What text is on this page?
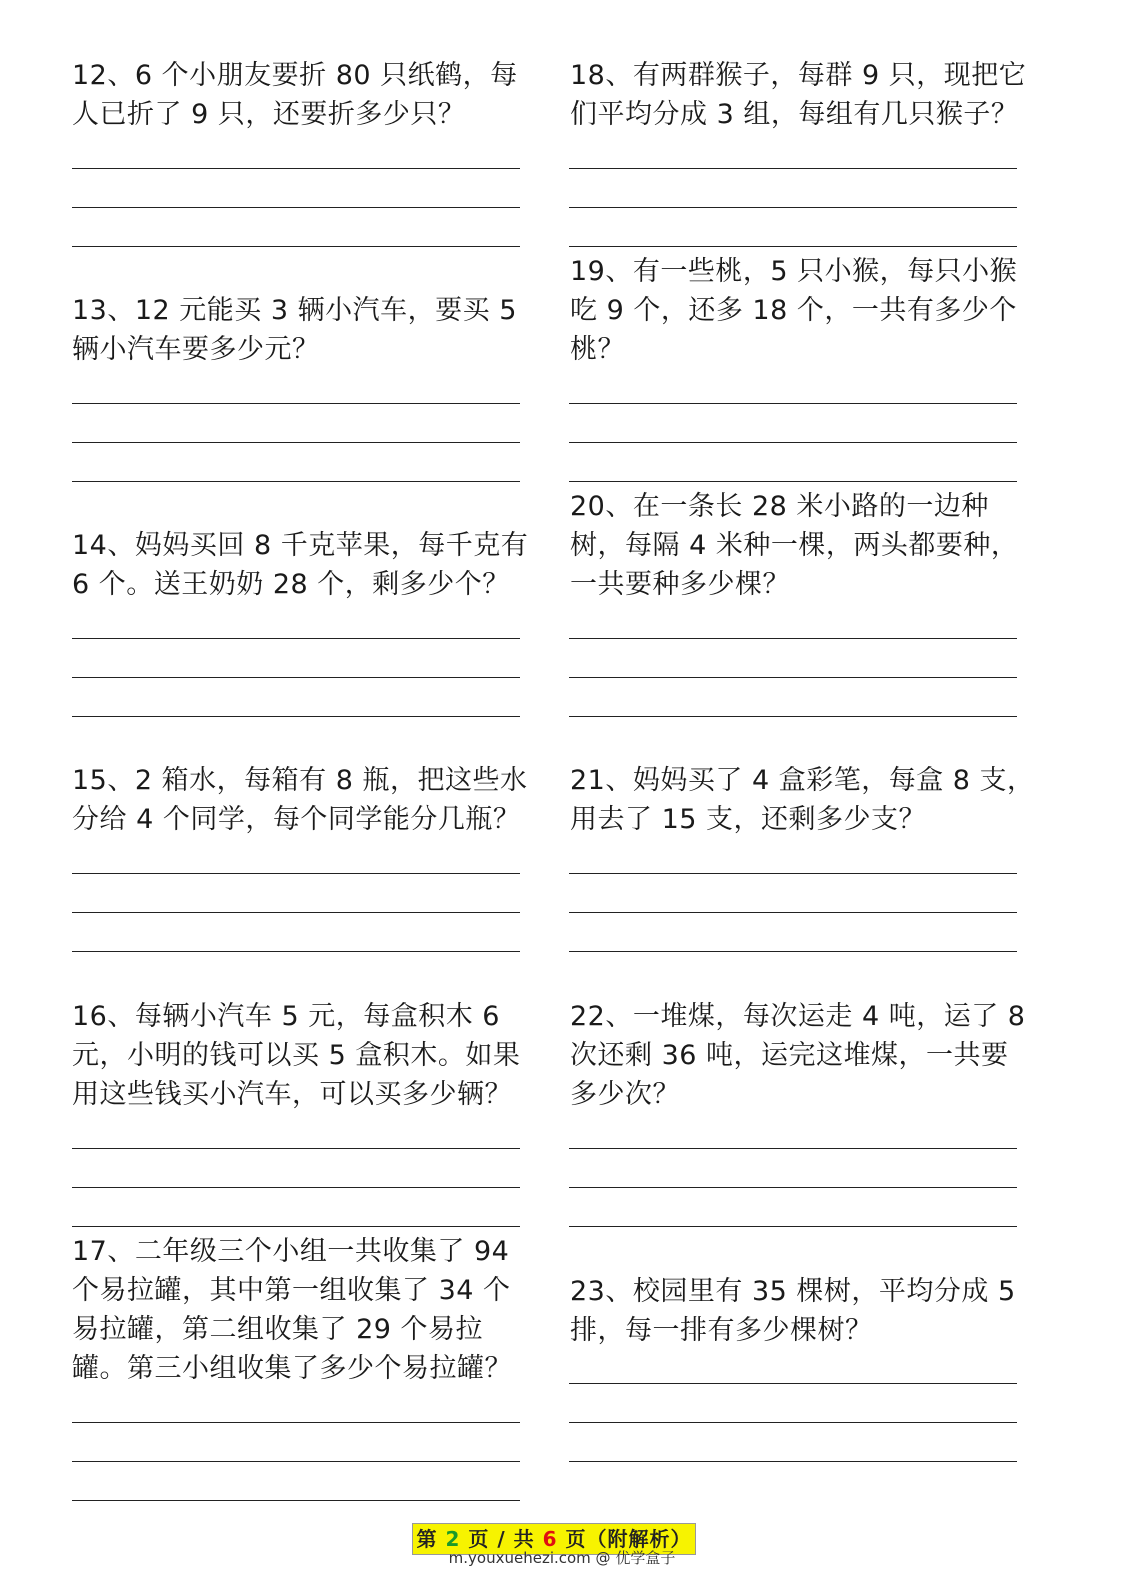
12、6 个小朋友要折 80 只纸鹤，每
人已折了 9 只，还要折多少只？
13、12 元能买 3 辆小汽车，要买 5
辆小汽车要多少元？
14、妈妈买回 8 千克苹果，每千克有
6 个。送王奶奶 28 个，剩多少个？
15、2 箱水，每箱有 8 瓶，把这些水
分给 4 个同学，每个同学能分几瓶？
16、每辆小汽车 5 元，每盒积木 6
元，小明的钱可以买 5 盒积木。如果
用这些钱买小汽车，可以买多少辆？
17、二年级三个小组一共收集了 94
个易拉罐，其中第一组收集了 34 个
易拉罐，第二组收集了 29 个易拉
罐。第三小组收集了多少个易拉罐？
18、有两群猴子，每群 9 只，现把它
们平均分成 3 组，每组有几只猴子？
19、有一些桃，5 只小猴，每只小猴
吃 9 个，还多 18 个，一共有多少个
桃？
20、在一条长 28 米小路的一边种
树，每隔 4 米种一棵，两头都要种，
一共要种多少棵？
21、妈妈买了 4 盒彩笔，每盒 8 支，
用去了 15 支，还剩多少支？
22、一堆煤，每次运走 4 吨，运了 8
次还剩 36 吨，运完这堆煤，一共要
多少次？
23、校园里有 35 棵树，平均分成 5
排，每一排有多少棵树？
第 2 页 / 共 6 页（附解析）
m.youxuehezi.com @ 优学盒子
